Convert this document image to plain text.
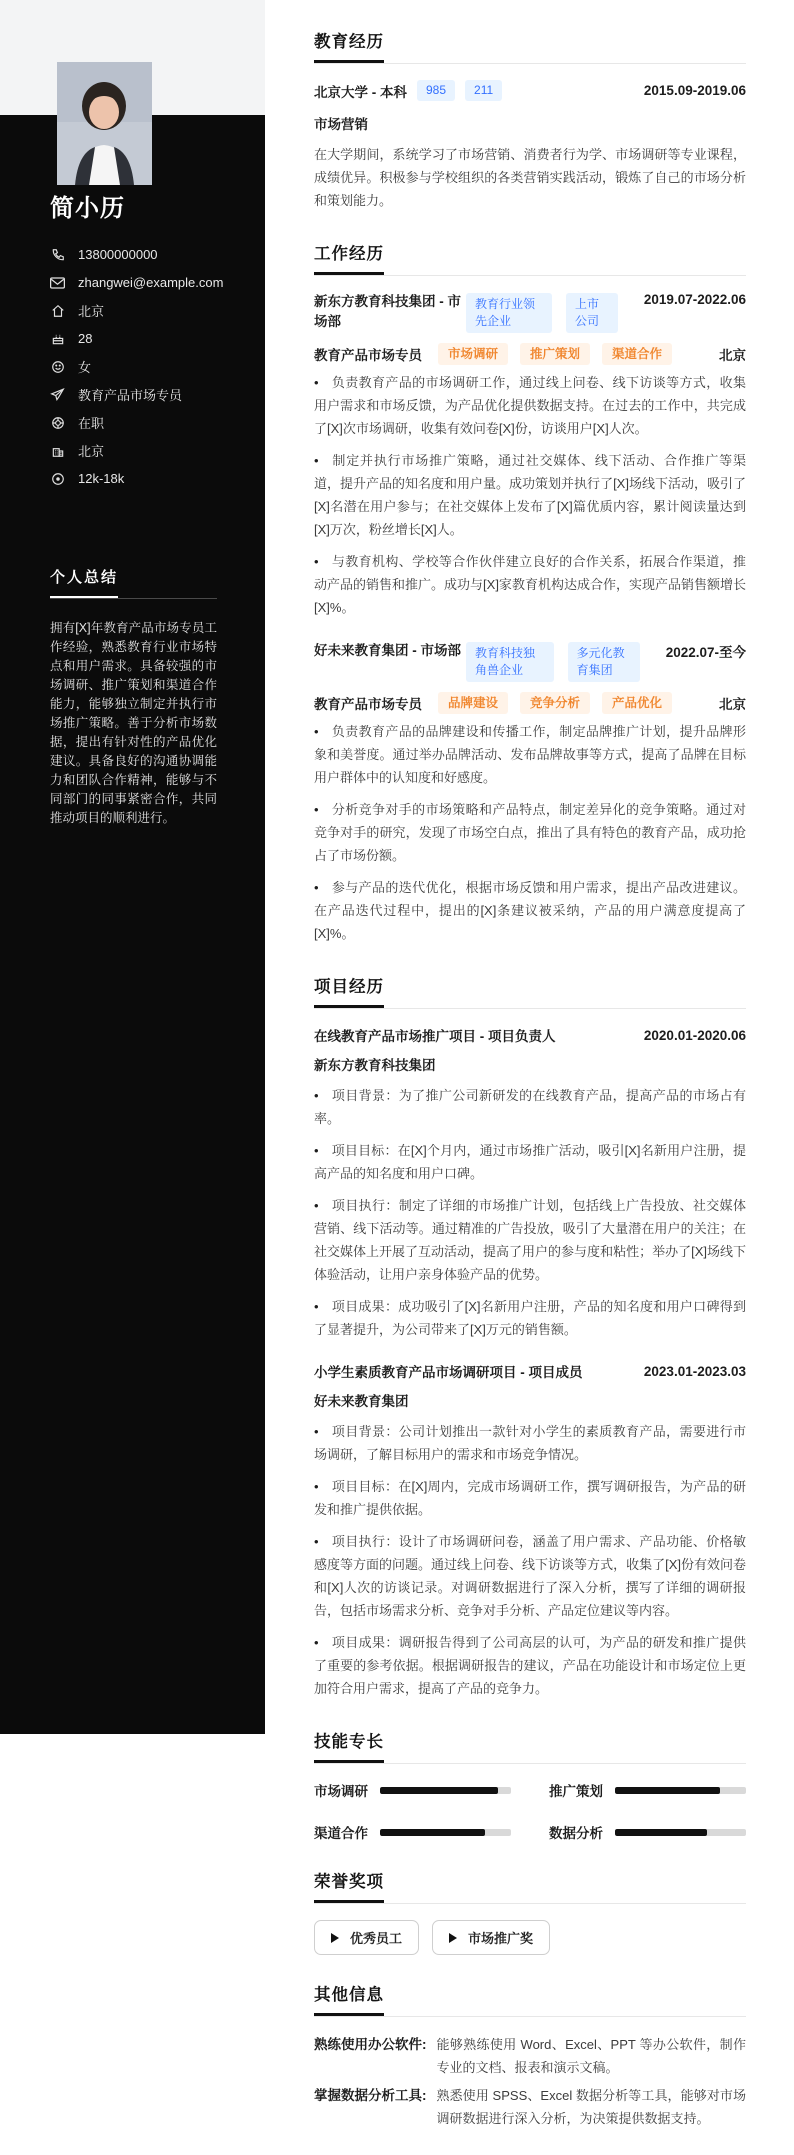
简小历
13800000000
zhangwei@example.com
北京
28
女
教育产品市场专员
在职
北京
12k-18k
个人总结

拥有[X]年教育产品市场专员工作经验，熟悉教育行业市场特点和用户需求。具备较强的市场调研、推广策划和渠道合作能力，能够独立制定并执行市场推广策略。善于分析市场数据，提出有针对性的产品优化建议。具备良好的沟通协调能力和团队合作精神，能够与不同部门的同事紧密合作，共同推动项目的顺利进行。

教育经历
北京大学 - 本科	985	211	2015.09-2019.06

市场营销

在大学期间，系统学习了市场营销、消费者行为学、市场调研等专业课程，成绩优异。积极参与学校组织的各类营销实践活动，锻炼了自己的市场分析和策划能力。

工作经历
新东方教育科技集团 - 市场部
教育行业领先企业
上市公司
2019.07-2022.06
教育产品市场专员	市场调研	推广策划	渠道合作	北京
• 负责教育产品的市场调研工作，通过线上问卷、线下访谈等方式，收集用户需求和市场反馈，为产品优化提供数据支持。在过去的工作中，共完成了[X]次市场调研，收集有效问卷[X]份，访谈用户[X]人次。
• 制定并执行市场推广策略，通过社交媒体、线下活动、合作推广等渠道，提升产品的知名度和用户量。成功策划并执行了[X]场线下活动，吸引了[X]名潜在用户参与；在社交媒体上发布了[X]篇优质内容，累计阅读量达到[X]万次，粉丝增长[X]人。
• 与教育机构、学校等合作伙伴建立良好的合作关系，拓展合作渠道，推动产品的销售和推广。成功与[X]家教育机构达成合作，实现产品销售额增长[X]%。
好未来教育集团 - 市场部	教育科技独角兽企业
多元化教育集团
2022.07-至今
教育产品市场专员	品牌建设	竞争分析	产品优化	北京
• 负责教育产品的品牌建设和传播工作，制定品牌推广计划，提升品牌形象和美誉度。通过举办品牌活动、发布品牌故事等方式，提高了品牌在目标用户群体中的认知度和好感度。
• 分析竞争对手的市场策略和产品特点，制定差异化的竞争策略。通过对竞争对手的研究，发现了市场空白点，推出了具有特色的教育产品，成功抢占了市场份额。
• 参与产品的迭代优化，根据市场反馈和用户需求，提出产品改进建议。在产品迭代过程中，提出的[X]条建议被采纳，产品的用户满意度提高了[X]%。
项目经历
在线教育产品市场推广项目 - 项目负责人	2020.01-2020.06

新东方教育科技集团

• 项目背景：为了推广公司新研发的在线教育产品，提高产品的市场占有率。
• 项目目标：在[X]个月内，通过市场推广活动，吸引[X]名新用户注册，提高产品的知名度和用户口碑。
• 项目执行：制定了详细的市场推广计划，包括线上广告投放、社交媒体营销、线下活动等。通过精准的广告投放，吸引了大量潜在用户的关注；在社交媒体上开展了互动活动，提高了用户的参与度和粘性；举办了[X]场线下体验活动，让用户亲身体验产品的优势。
• 项目成果：成功吸引了[X]名新用户注册，产品的知名度和用户口碑得到了显著提升，为公司带来了[X]万元的销售额。
小学生素质教育产品市场调研项目 - 项目成员	2023.01-2023.03

好未来教育集团

• 项目背景：公司计划推出一款针对小学生的素质教育产品，需要进行市场调研，了解目标用户的需求和市场竞争情况。
• 项目目标：在[X]周内，完成市场调研工作，撰写调研报告，为产品的研发和推广提供依据。
• 项目执行：设计了市场调研问卷，涵盖了用户需求、产品功能、价格敏感度等方面的问题。通过线上问卷、线下访谈等方式，收集了[X]份有效问卷和[X]人次的访谈记录。对调研数据进行了深入分析，撰写了详细的调研报告，包括市场需求分析、竞争对手分析、产品定位建议等内容。
• 项目成果：调研报告得到了公司高层的认可，为产品的研发和推广提供了重要的参考依据。根据调研报告的建议，产品在功能设计和市场定位上更加符合用户需求，提高了产品的竞争力。
技能专长
市场调研	推广策划
渠道合作	数据分析
荣誉奖项
优秀员工	市场推广奖
其他信息
熟练使用办公软件: 能够熟练使用 Word、Excel、PPT 等办公软件，制作专业的文档、报表和演示文稿。
掌握数据分析工具: 熟悉使用 SPSS、Excel 数据分析等工具，能够对市场调研数据进行深入分析，为决策提供数据支持。
